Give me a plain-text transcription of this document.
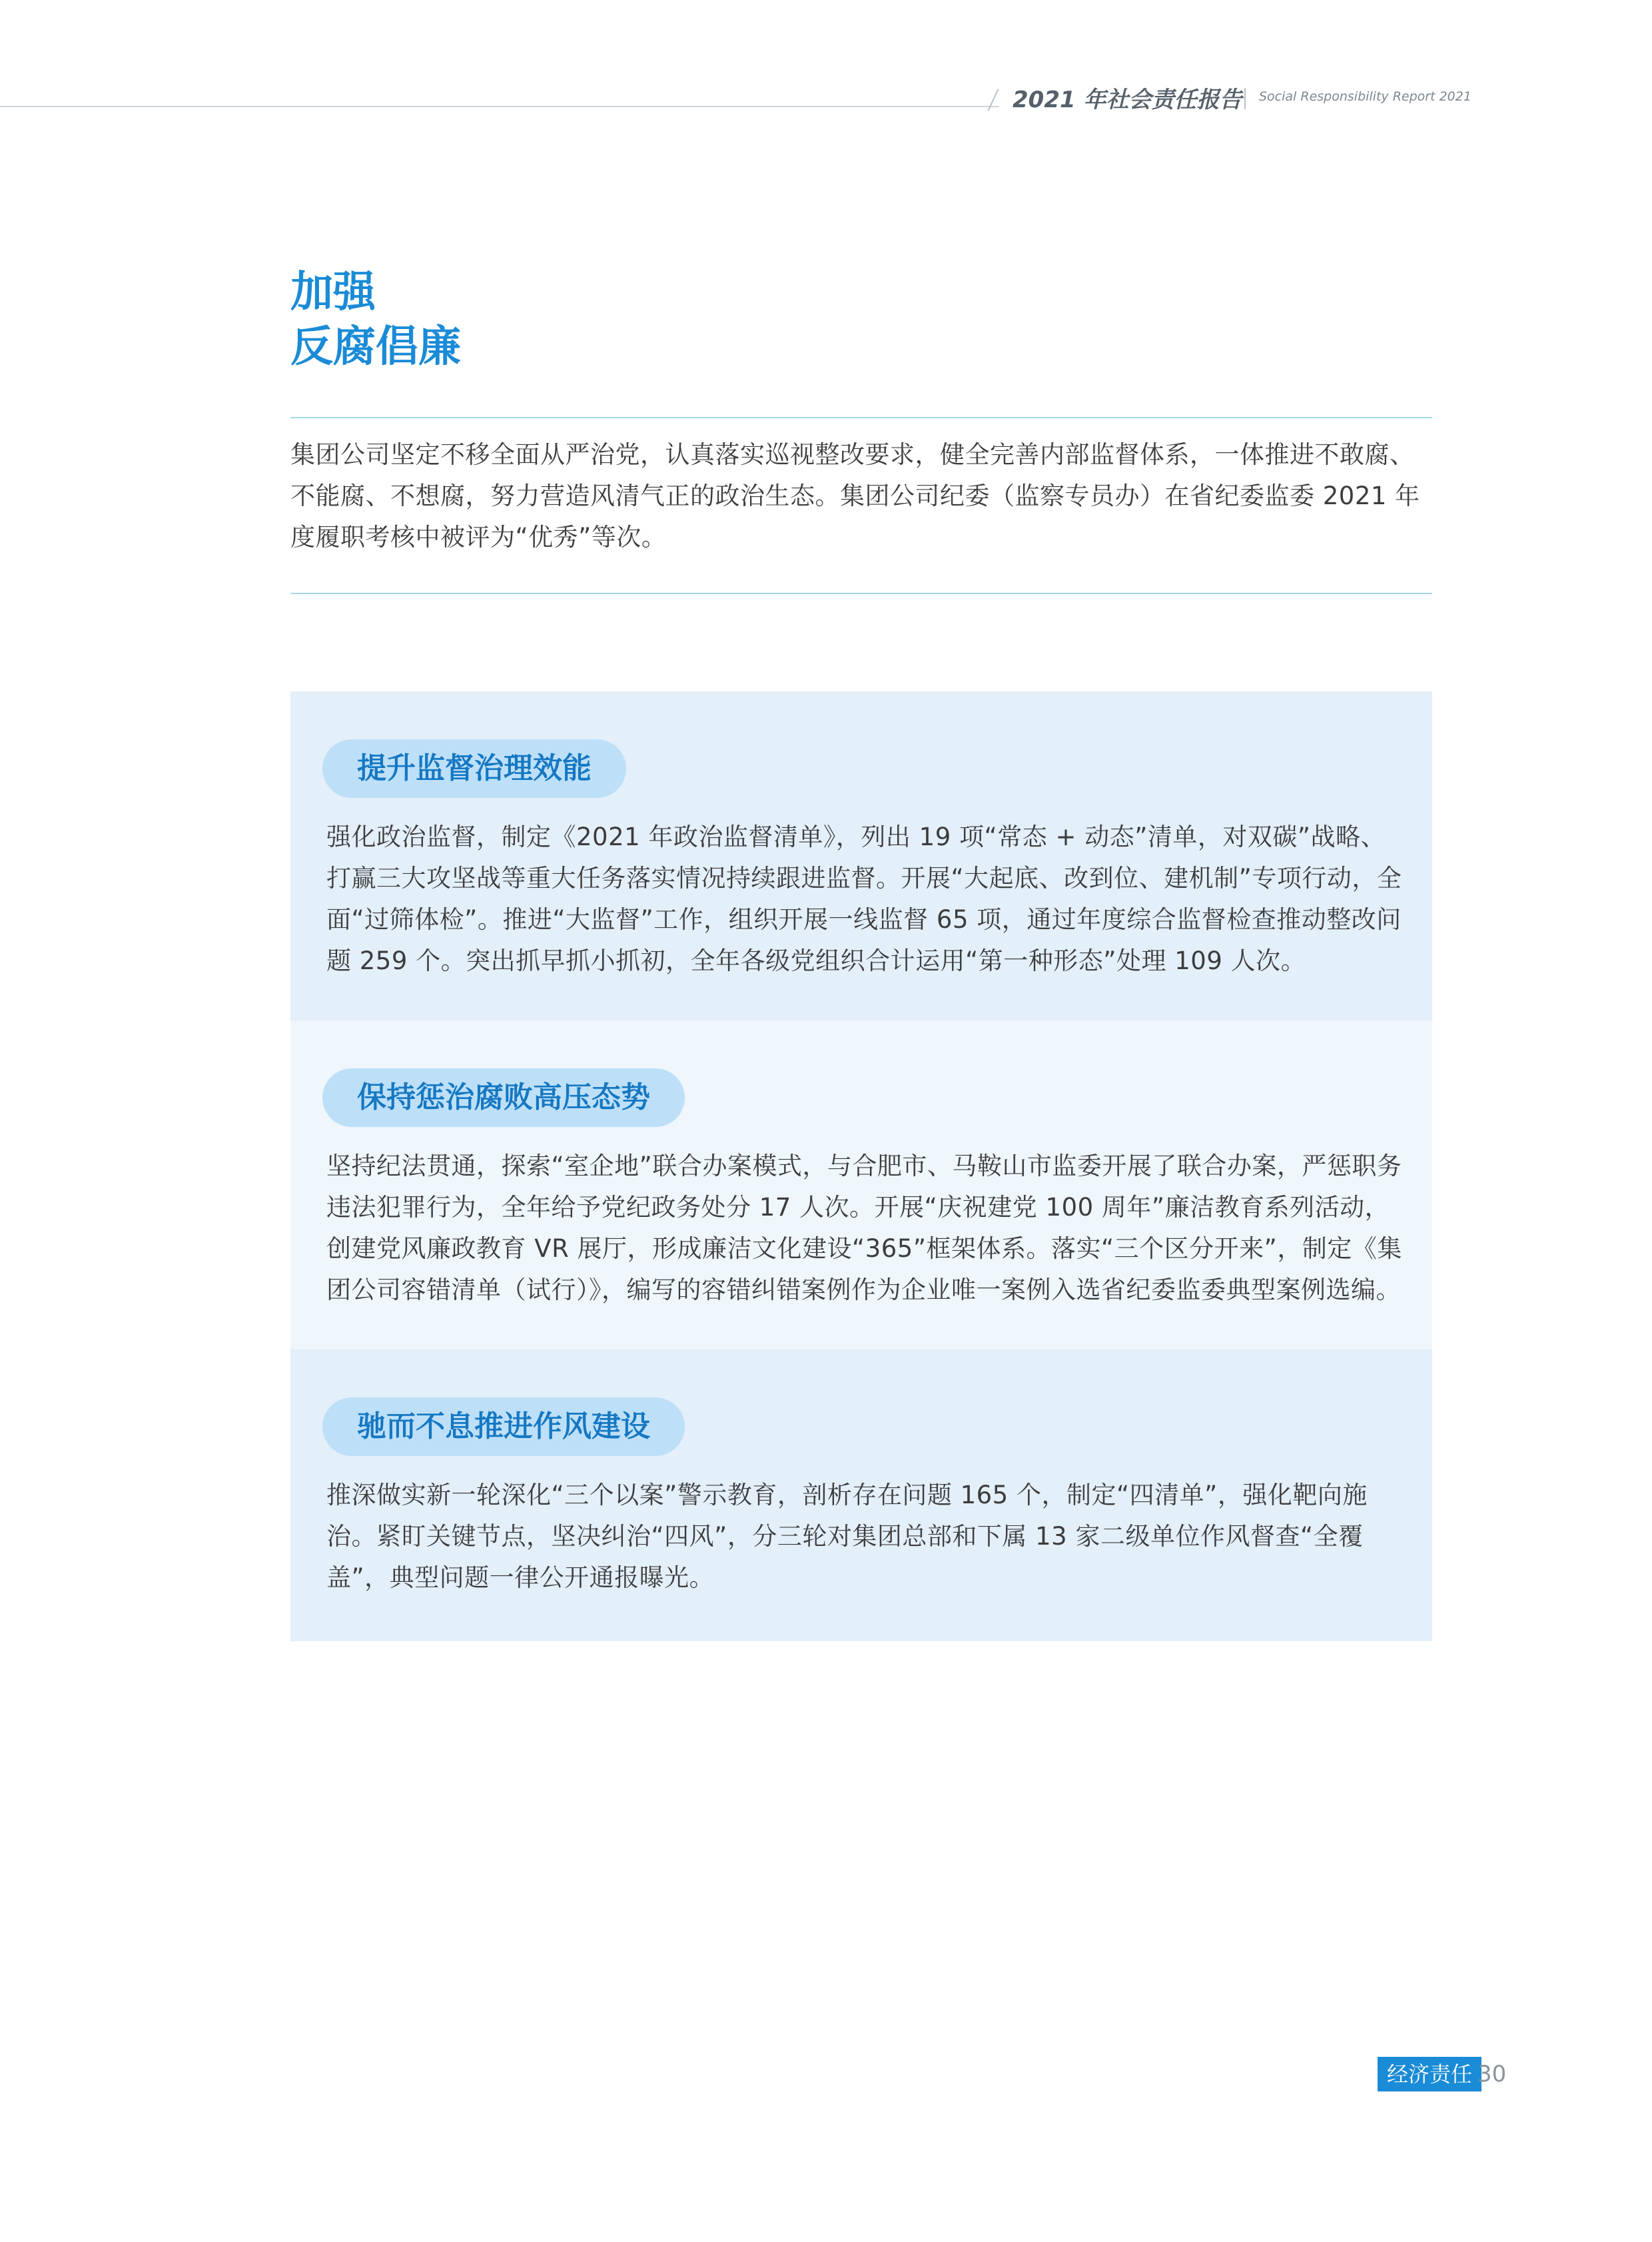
2021 年社会责任报告 Social Responsibility Report 2021
加强
反腐倡廉
集团公司坚定不移全面从严治党，认真落实巡视整改要求，健全完善内部监督体系，一体推进不敢腐、不能腐、不想腐，努力营造风清气正的政治生态。集团公司纪委（监察专员办）在省纪委监委 2021 年度履职考核中被评为“优秀”等次。
提升监督治理效能
强化政治监督，制定《2021 年政治监督清单》，列出 19 项“常态 + 动态”清单，对双碳”战略、打赢三大攻坚战等重大任务落实情况持续跟进监督。开展“大起底、改到位、建机制”专项行动，全面“过筛体检”。推进“大监督”工作，组织开展一线监督 65 项，通过年度综合监督检查推动整改问题 259 个。突出抓早抓小抓初，全年各级党组织合计运用“第一种形态”处理 109 人次。
保持惩治腐败高压态势
坚持纪法贯通，探索“室企地”联合办案模式，与合肥市、马鞍山市监委开展了联合办案，严惩职务违法犯罪行为，全年给予党纪政务处分 17 人次。开展“庆祝建党 100 周年”廉洁教育系列活动，创建党风廉政教育 VR 展厅，形成廉洁文化建设“365”框架体系。落实“三个区分开来”，制定《集团公司容错清单（试行）》，编写的容错纠错案例作为企业唯一案例入选省纪委监委典型案例选编。
驰而不息推进作风建设
推深做实新一轮深化“三个以案”警示教育，剖析存在问题 165 个，制定“四清单”，强化靶向施治。紧盯关键节点，坚决纠治“四风”，分三轮对集团总部和下属 13 家二级单位作风督查“全覆盖”，典型问题一律公开通报曝光。
经济责任 30
